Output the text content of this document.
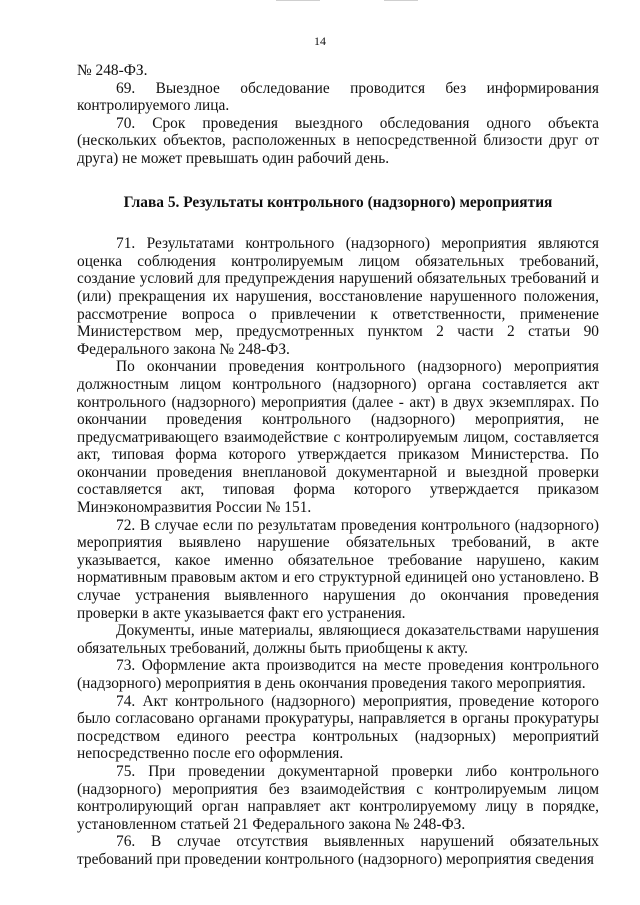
14

№ 248-ФЗ.

69. Выездное обследование проводится без информирования контролируемого лица.

70. Срок проведения выездного обследования одного объекта (нескольких объектов, расположенных в непосредственной близости друг от друга) не может превышать один рабочий день.

Глава 5. Результаты контрольного (надзорного) мероприятия

71. Результатами контрольного (надзорного) мероприятия являются оценка соблюдения контролируемым лицом обязательных требований, создание условий для предупреждения нарушений обязательных требований и (или) прекращения их нарушения, восстановление нарушенного положения, рассмотрение вопроса о привлечении к ответственности, применение Министерством мер, предусмотренных пунктом 2 части 2 статьи 90 Федерального закона № 248-ФЗ.

По окончании проведения контрольного (надзорного) мероприятия должностным лицом контрольного (надзорного) органа составляется акт контрольного (надзорного) мероприятия (далее - акт) в двух экземплярах. По окончании проведения контрольного (надзорного) мероприятия, не предусматривающего взаимодействие с контролируемым лицом, составляется акт, типовая форма которого утверждается приказом Министерства. По окончании проведения внеплановой документарной и выездной проверки составляется акт, типовая форма которого утверждается приказом Минэкономразвития России № 151.

72. В случае если по результатам проведения контрольного (надзорного) мероприятия выявлено нарушение обязательных требований, в акте указывается, какое именно обязательное требование нарушено, каким нормативным правовым актом и его структурной единицей оно установлено. В случае устранения выявленного нарушения до окончания проведения проверки в акте указывается факт его устранения.

Документы, иные материалы, являющиеся доказательствами нарушения обязательных требований, должны быть приобщены к акту.

73. Оформление акта производится на месте проведения контрольного (надзорного) мероприятия в день окончания проведения такого мероприятия.

74. Акт контрольного (надзорного) мероприятия, проведение которого было согласовано органами прокуратуры, направляется в органы прокуратуры посредством единого реестра контрольных (надзорных) мероприятий непосредственно после его оформления.

75. При проведении документарной проверки либо контрольного (надзорного) мероприятия без взаимодействия с контролируемым лицом контролирующий орган направляет акт контролируемому лицу в порядке, установленном статьей 21 Федерального закона № 248-ФЗ.

76. В случае отсутствия выявленных нарушений обязательных требований при проведении контрольного (надзорного) мероприятия сведения
